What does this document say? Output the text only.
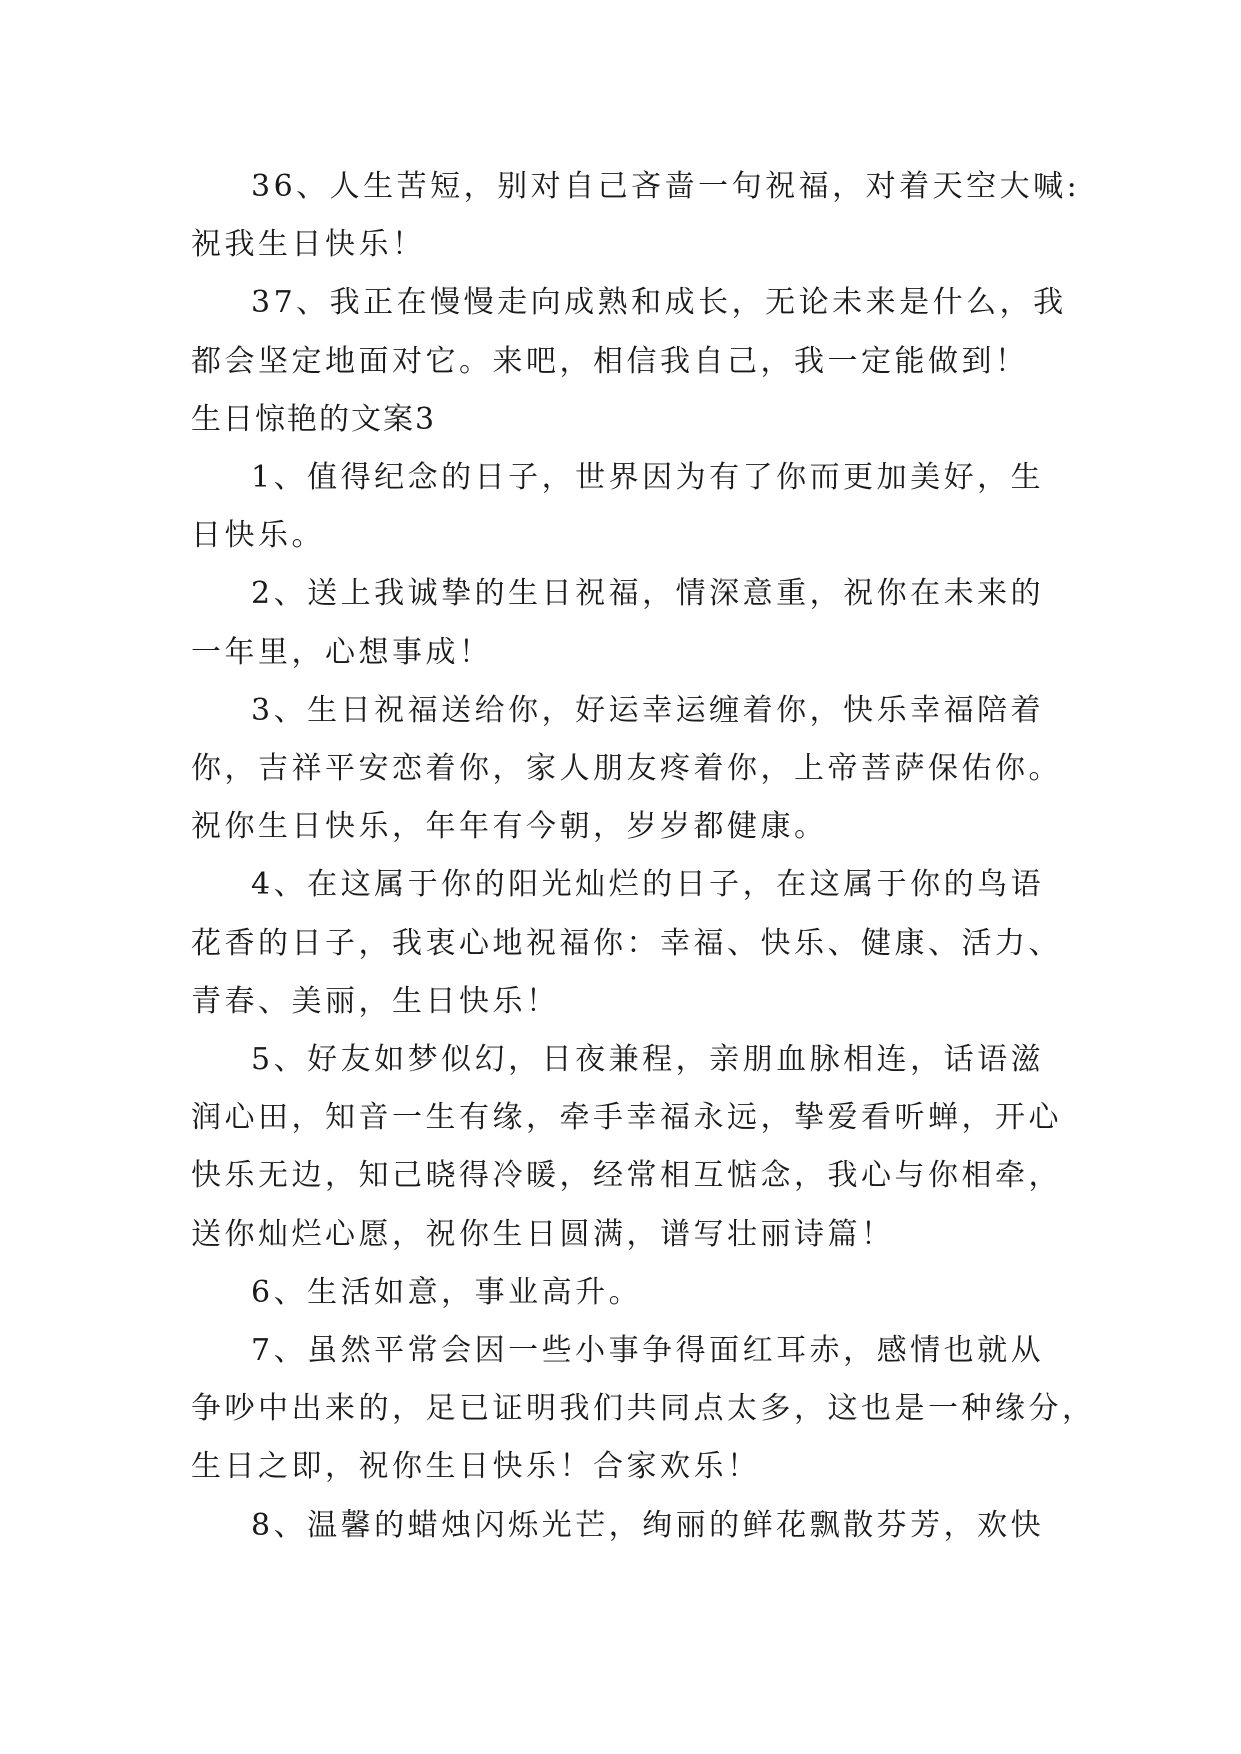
36、人生苦短，别对自己吝啬一句祝福，对着天空大喊:
祝我生日快乐！

37、我正在慢慢走向成熟和成长，无论未来是什么，我
都会坚定地面对它。来吧，相信我自己，我一定能做到！

生日惊艳的文案3

1、值得纪念的日子，世界因为有了你而更加美好，生
日快乐。

2、送上我诚挚的生日祝福，情深意重，祝你在未来的
一年里，心想事成！

3、生日祝福送给你，好运幸运缠着你，快乐幸福陪着
你，吉祥平安恋着你，家人朋友疼着你，上帝菩萨保佑你。
祝你生日快乐，年年有今朝，岁岁都健康。

4、在这属于你的阳光灿烂的日子，在这属于你的鸟语
花香的日子，我衷心地祝福你：幸福、快乐、健康、活力、
青春、美丽，生日快乐！

5、好友如梦似幻，日夜兼程，亲朋血脉相连，话语滋
润心田，知音一生有缘，牵手幸福永远，挚爱看听蝉，开心
快乐无边，知己晓得冷暖，经常相互惦念，我心与你相牵，
送你灿烂心愿，祝你生日圆满，谱写壮丽诗篇！

6、生活如意，事业高升。

7、虽然平常会因一些小事争得面红耳赤，感情也就从
争吵中出来的，足已证明我们共同点太多，这也是一种缘分，
生日之即，祝你生日快乐！合家欢乐！

8、温馨的蜡烛闪烁光芒，绚丽的鲜花飘散芬芳，欢快
